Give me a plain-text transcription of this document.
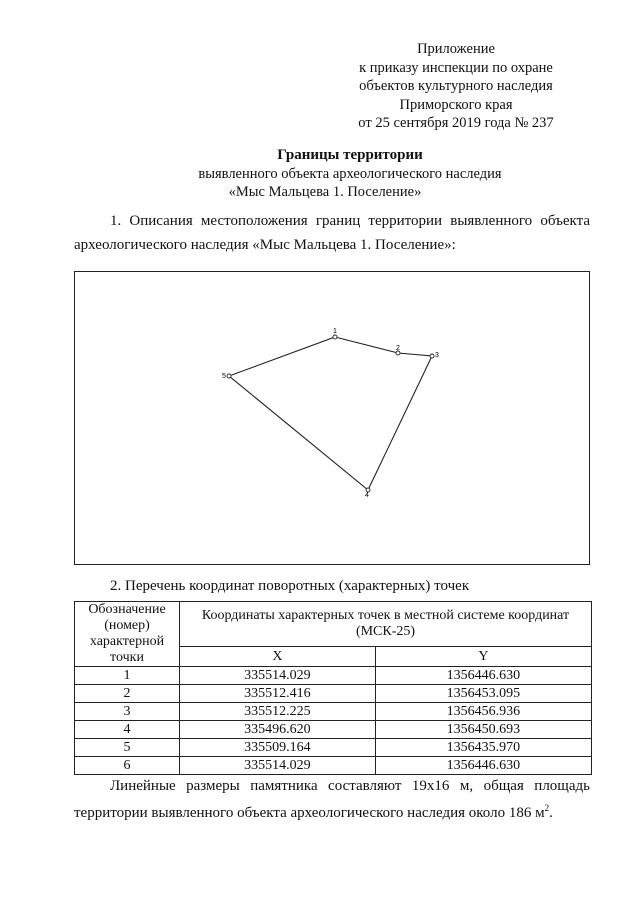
Приложение
к приказу инспекции по охране
объектов культурного наследия
Приморского края
от 25 сентября 2019 года № 237
Границы территории
выявленного объекта археологического наследия
«Мыс Мальцева 1. Поселение»
1. Описания местоположения границ территории выявленного объекта археологического наследия «Мыс Мальцева 1. Поселение»:
1
2
3
4
5
2. Перечень координат поворотных (характерных) точек
Обозначение (номер) характерной точки	Координаты характерных точек в местной системе координат (МСК-25)	
	X	Y
1	335514.029	1356446.630
2	335512.416	1356453.095
3	335512.225	1356456.936
4	335496.620	1356450.693
5	335509.164	1356435.970
6	335514.029	1356446.630
Линейные размеры памятника составляют 19x16 м, общая площадь
территории выявленного объекта археологического наследия около 186 $м^2$.
